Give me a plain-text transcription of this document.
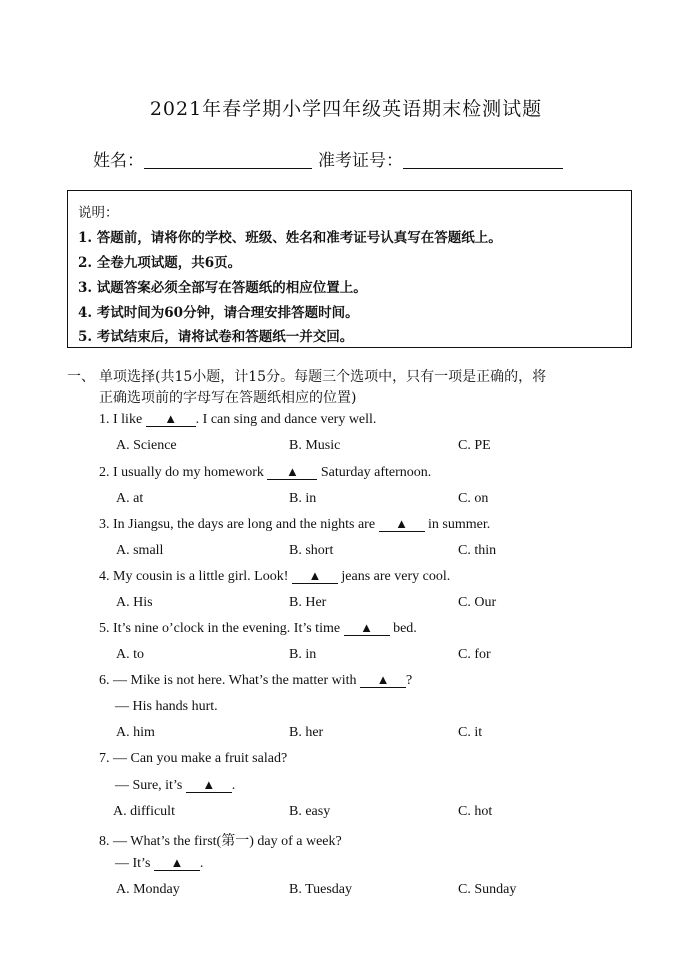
2021年春学期小学四年级英语期末检测试题
姓名：	准考证号：
说明：
1. 答题前，请将你的学校、班级、姓名和准考证号认真写在答题纸上。
2. 全卷九项试题，共6页。
3. 试题答案必须全部写在答题纸的相应位置上。
4. 考试时间为60分钟，请合理安排答题时间。
5. 考试结束后，请将试卷和答题纸一并交回。
一、 单项选择(共15小题，计15分。每题三个选项中，只有一项是正确的，将
正确选项前的字母写在答题纸相应的位置)
1. I like ▲ . I can sing and dance very well.
A. Science	B. Music	C. PE
2. I usually do my homework ▲ Saturday afternoon.
A. at	B. in	C. on
3. In Jiangsu, the days are long and the nights are ▲ in summer.
A. small	B. short	C. thin
4. My cousin is a little girl. Look! ▲ jeans are very cool.
A. His	B. Her	C. Our
5. It’s nine o’clock in the evening. It’s time ▲ bed.
A. to	B. in	C. for
6. — Mike is not here. What’s the matter with ▲ ?
— His hands hurt.
A. him	B. her	C. it
7. — Can you make a fruit salad?
— Sure, it’s ▲ .
A. difficult	B. easy	C. hot
8. — What’s the first(第一) day of a week?
— It’s ▲ .
A. Monday	B. Tuesday	C. Sunday
